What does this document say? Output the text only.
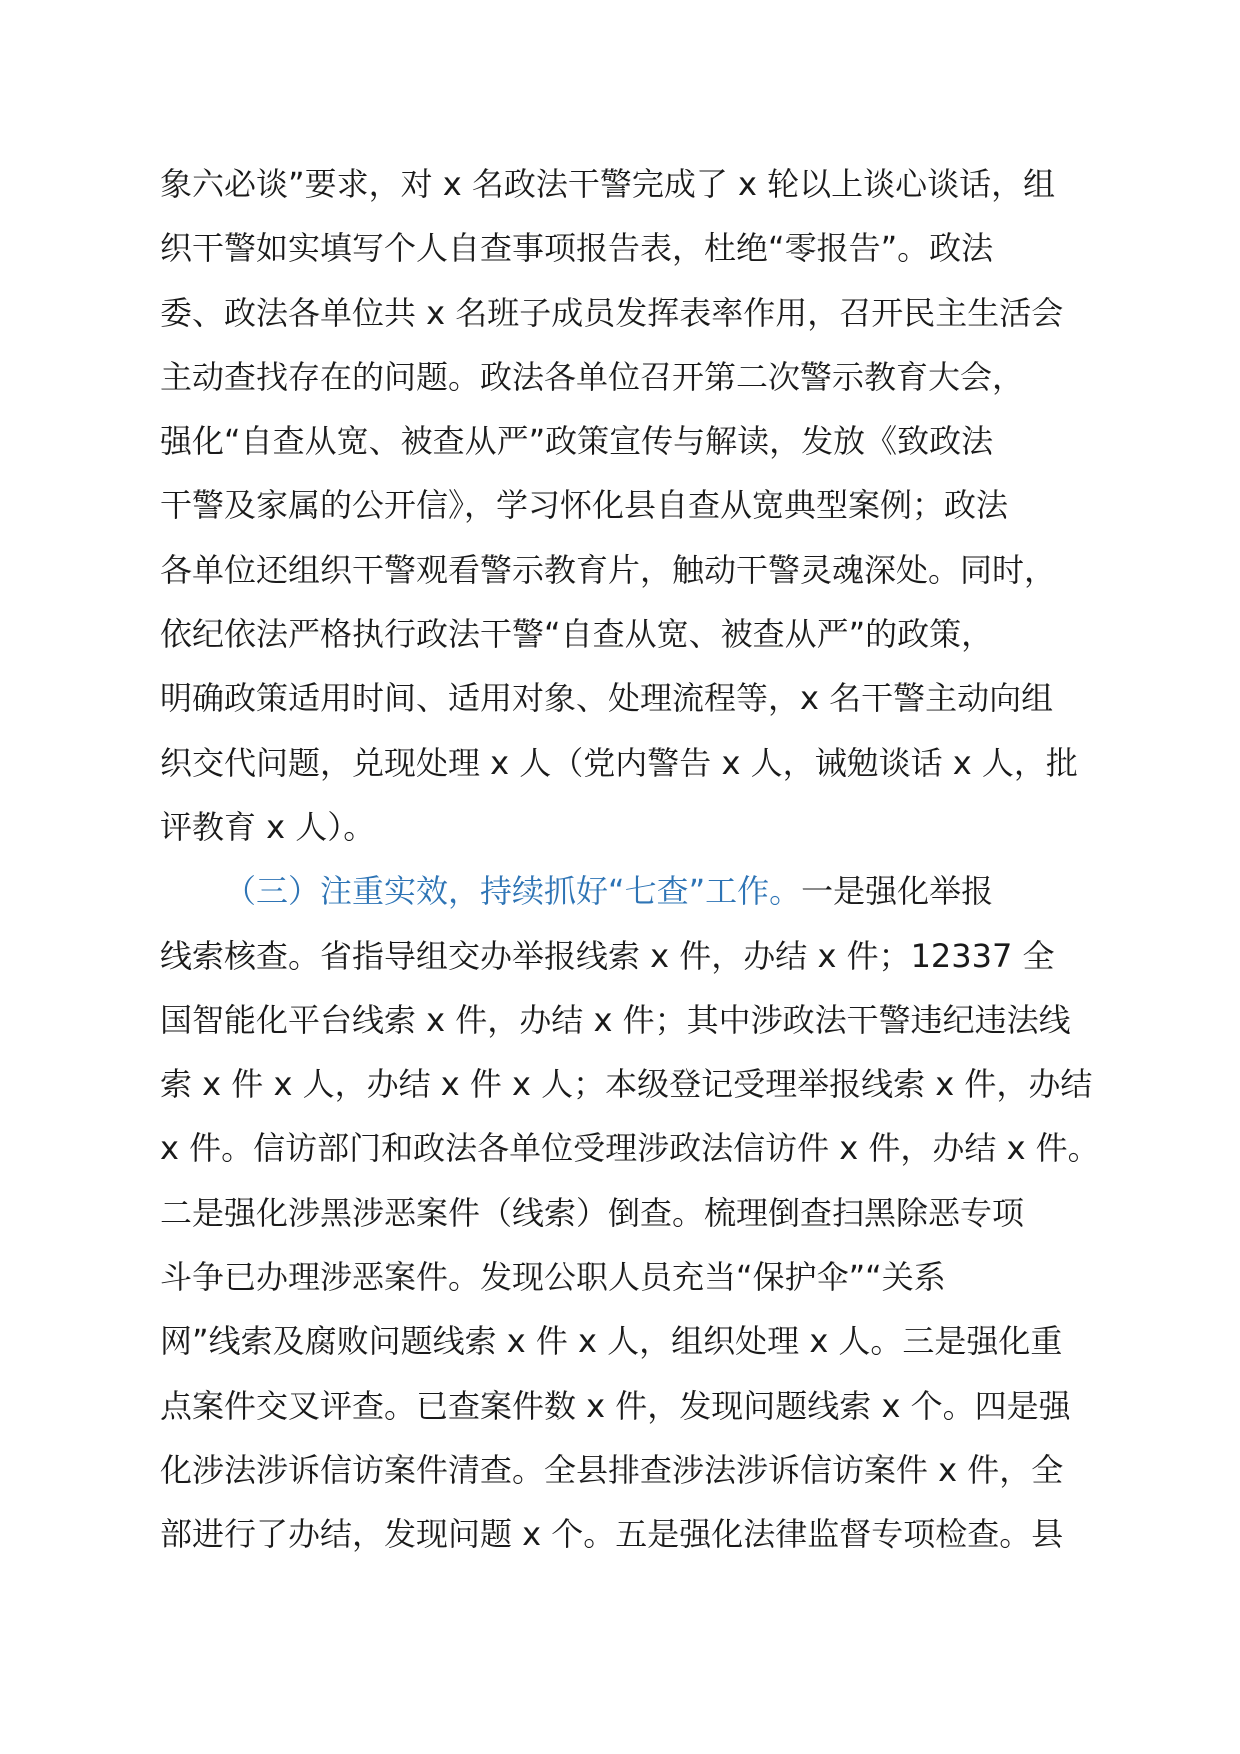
象六必谈”要求，对 x 名政法干警完成了 x 轮以上谈心谈话，组
织干警如实填写个人自查事项报告表，杜绝“零报告”。政法
委、政法各单位共 x 名班子成员发挥表率作用，召开民主生活会
主动查找存在的问题。政法各单位召开第二次警示教育大会，
强化“自查从宽、被查从严”政策宣传与解读，发放《致政法
干警及家属的公开信》，学习怀化县自查从宽典型案例；政法
各单位还组织干警观看警示教育片，触动干警灵魂深处。同时，
依纪依法严格执行政法干警“自查从宽、被查从严”的政策，
明确政策适用时间、适用对象、处理流程等，x 名干警主动向组
织交代问题，兑现处理 x 人（党内警告 x 人，诫勉谈话 x 人，批
评教育 x 人）。
（三）注重实效，持续抓好“七查”工作。一是强化举报
线索核查。省指导组交办举报线索 x 件，办结 x 件；12337 全
国智能化平台线索 x 件，办结 x 件；其中涉政法干警违纪违法线
索 x 件 x 人，办结 x 件 x 人；本级登记受理举报线索 x 件，办结
x 件。信访部门和政法各单位受理涉政法信访件 x 件，办结 x 件。
二是强化涉黑涉恶案件（线索）倒查。梳理倒查扫黑除恶专项
斗争已办理涉恶案件。发现公职人员充当“保护伞”“关系
网”线索及腐败问题线索 x 件 x 人，组织处理 x 人。三是强化重
点案件交叉评查。已查案件数 x 件，发现问题线索 x 个。四是强
化涉法涉诉信访案件清查。全县排查涉法涉诉信访案件 x 件，全
部进行了办结，发现问题 x 个。五是强化法律监督专项检查。县
